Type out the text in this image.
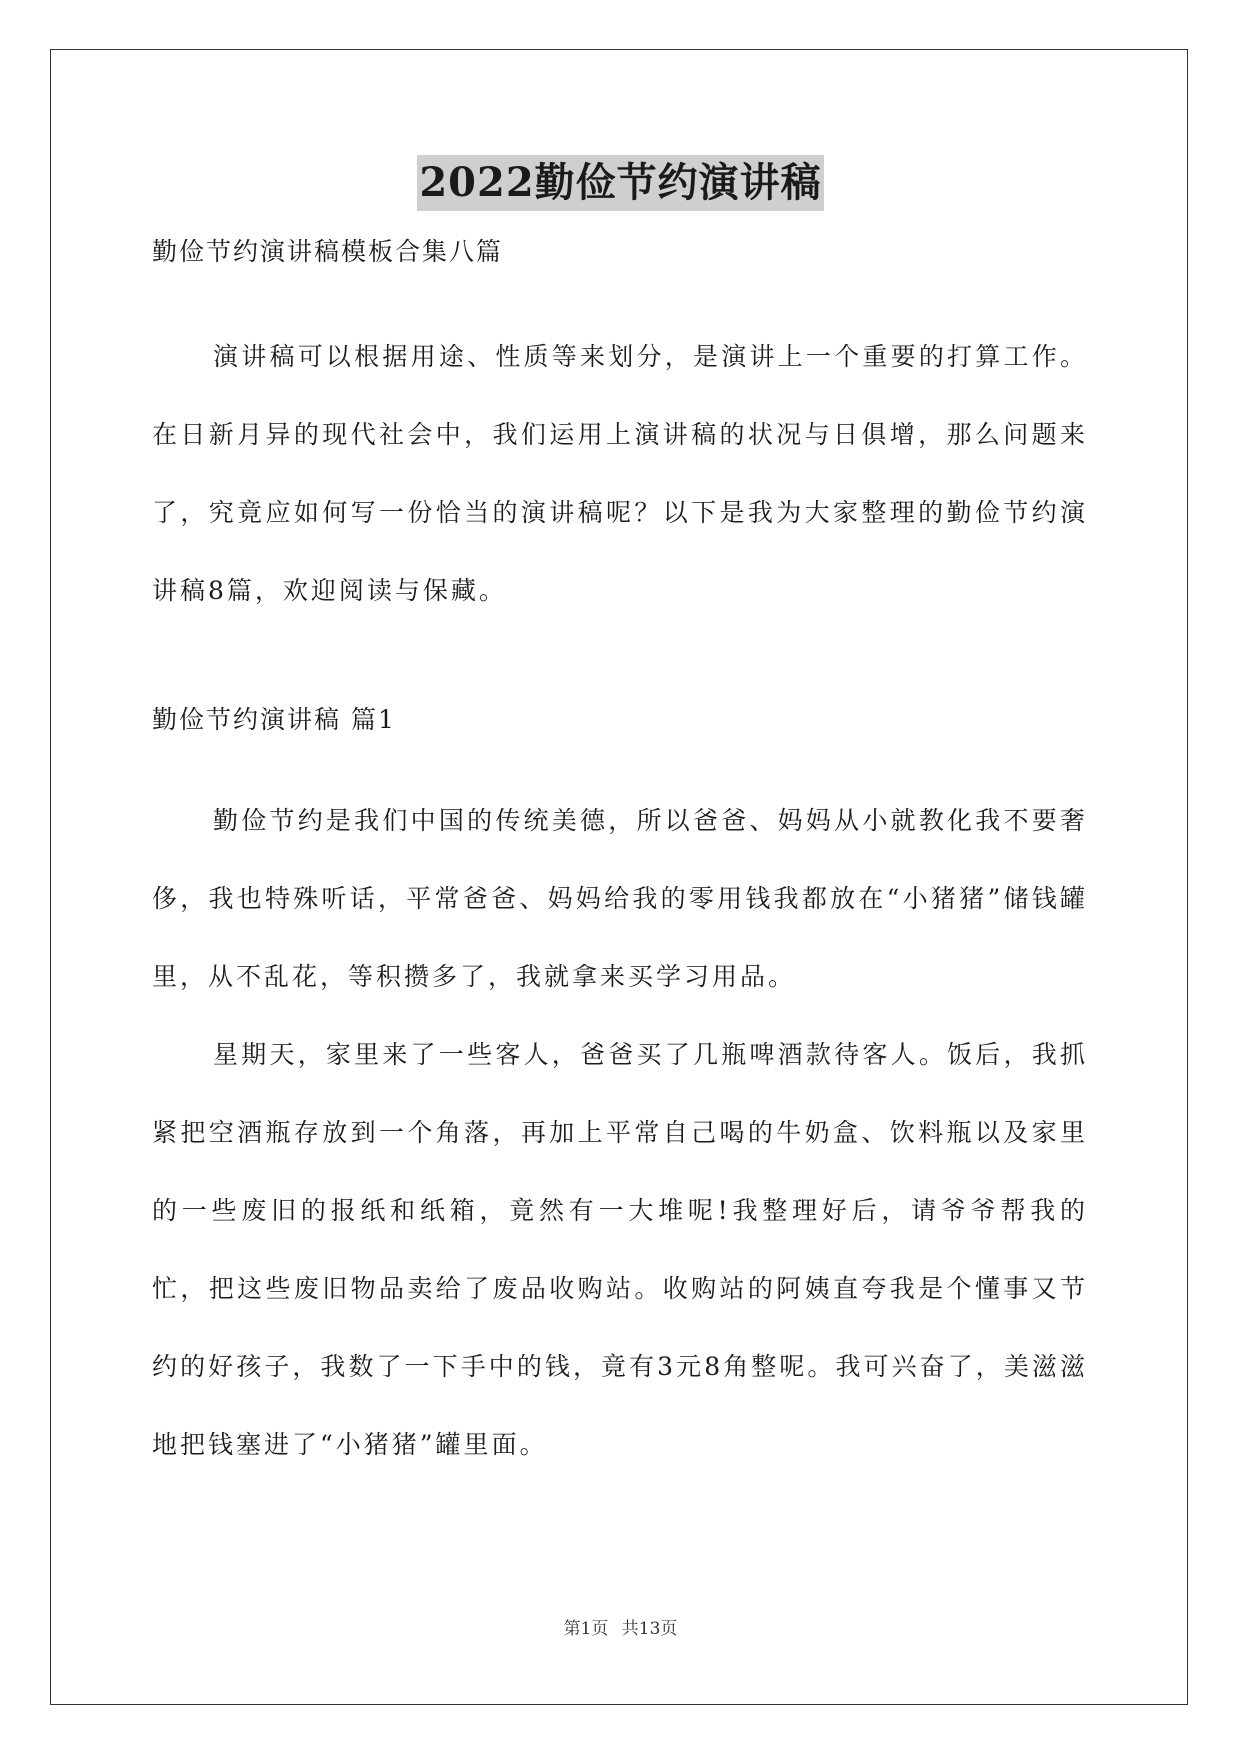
2022勤俭节约演讲稿

勤俭节约演讲稿模板合集八篇

演讲稿可以根据用途、性质等来划分，是演讲上一个重要的打算工作。在日新月异的现代社会中，我们运用上演讲稿的状况与日俱增，那么问题来了，究竟应如何写一份恰当的演讲稿呢？以下是我为大家整理的勤俭节约演讲稿8篇，欢迎阅读与保藏。

勤俭节约演讲稿 篇1

勤俭节约是我们中国的传统美德，所以爸爸、妈妈从小就教化我不要奢侈，我也特殊听话，平常爸爸、妈妈给我的零用钱我都放在“小猪猪”储钱罐里，从不乱花，等积攒多了，我就拿来买学习用品。

星期天，家里来了一些客人，爸爸买了几瓶啤酒款待客人。饭后，我抓紧把空酒瓶存放到一个角落，再加上平常自己喝的牛奶盒、饮料瓶以及家里的一些废旧的报纸和纸箱，竟然有一大堆呢!我整理好后，请爷爷帮我的忙，把这些废旧物品卖给了废品收购站。收购站的阿姨直夸我是个懂事又节约的好孩子，我数了一下手中的钱，竟有3元8角整呢。我可兴奋了，美滋滋地把钱塞进了“小猪猪”罐里面。

第1页 共13页
